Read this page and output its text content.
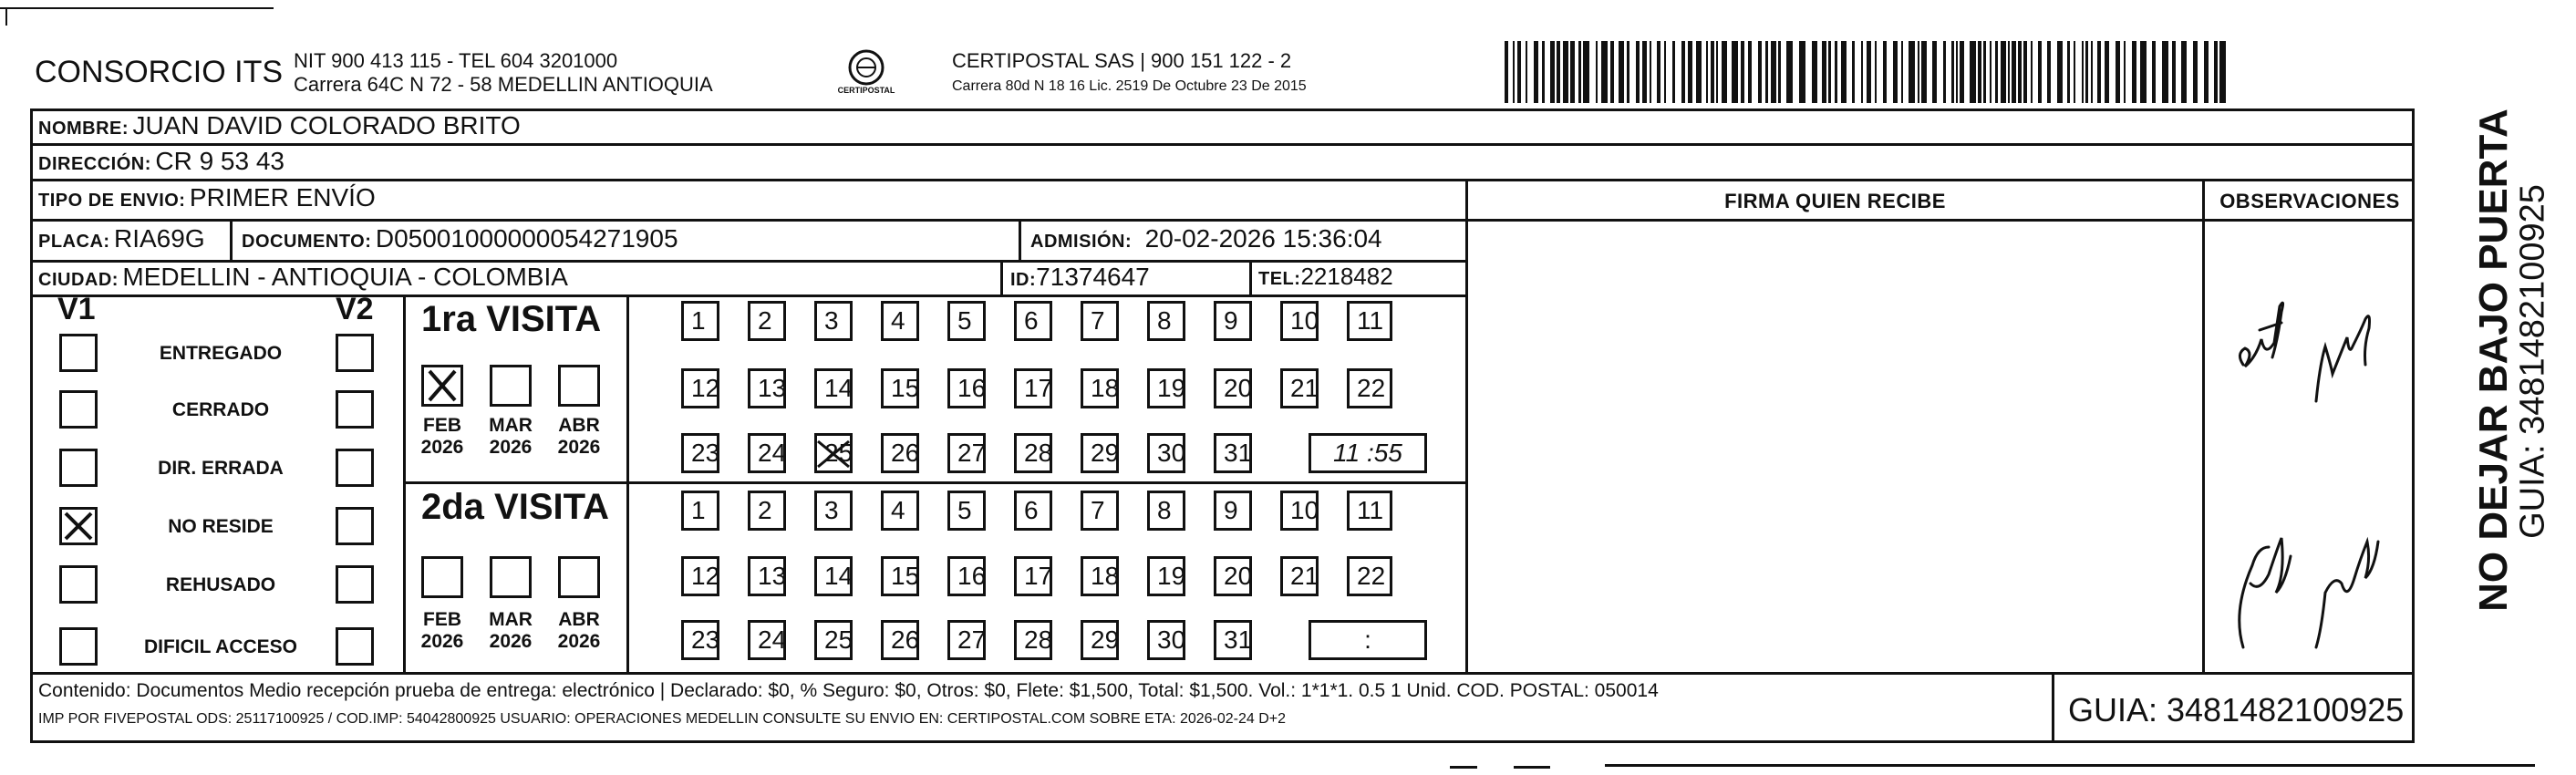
CONSORCIO ITS NIT 900 413 115 - TEL 604 3201000
Carrera 64C N 72 - 58 MEDELLIN ANTIOQUIA	CERTIPOSTAL
CERTIPOSTAL SAS | 900 151 122 - 2
Carrera 80d N 18 16 Lic. 2519 De Octubre 23 De 2015
NOMBRE: JUAN DAVID COLORADO BRITO
DIRECCIÓN: CR 9 53 43
TIPO DE ENVIO: PRIMER ENVÍO
PLACA: RIA69G DOCUMENTO: D05001000000054271905	ADMISIÓN: 20-02-2026 15:36:04
CIUDAD: MEDELLIN - ANTIOQUIA - COLOMBIA	ID:71374647	TEL:2218482
FIRMA QUIEN RECIBE	OBSERVACIONES
V1	V2
ENTREGADO
CERRADO
DIR. ERRADA
NO RESIDE
REHUSADO
DIFICIL ACCESO
1ra VISITA
2da VISITA
FEB
2026
MAR
2026
ABR
2026
FEB
2026
MAR
2026
ABR
2026
1	2	3	4	5	6	7	8	9	10	11
12	13	14	15	16	17	18	19	20	21	22
23	24	25	26	27	28	29	30	31	11 :55
1	2	3	4	5	6	7	8	9	10	11
12	13	14	15	16	17	18	19	20	21	22
23	24	25	26	27	28	29	30	31	:
Contenido: Documentos Medio recepción prueba de entrega: electrónico | Declarado: $0, % Seguro: $0, Otros: $0, Flete: $1,500, Total: $1,500. Vol.: 1*1*1. 0.5 1 Unid. COD. POSTAL: 050014
IMP POR FIVEPOSTAL ODS: 25117100925 / COD.IMP: 54042800925 USUARIO: OPERACIONES MEDELLIN CONSULTE SU ENVIO EN: CERTIPOSTAL.COM SOBRE ETA: 2026-02-24 D+2	GUIA: 3481482100925
NO DEJAR BAJO PUERTA
GUIA: 3481482100925
